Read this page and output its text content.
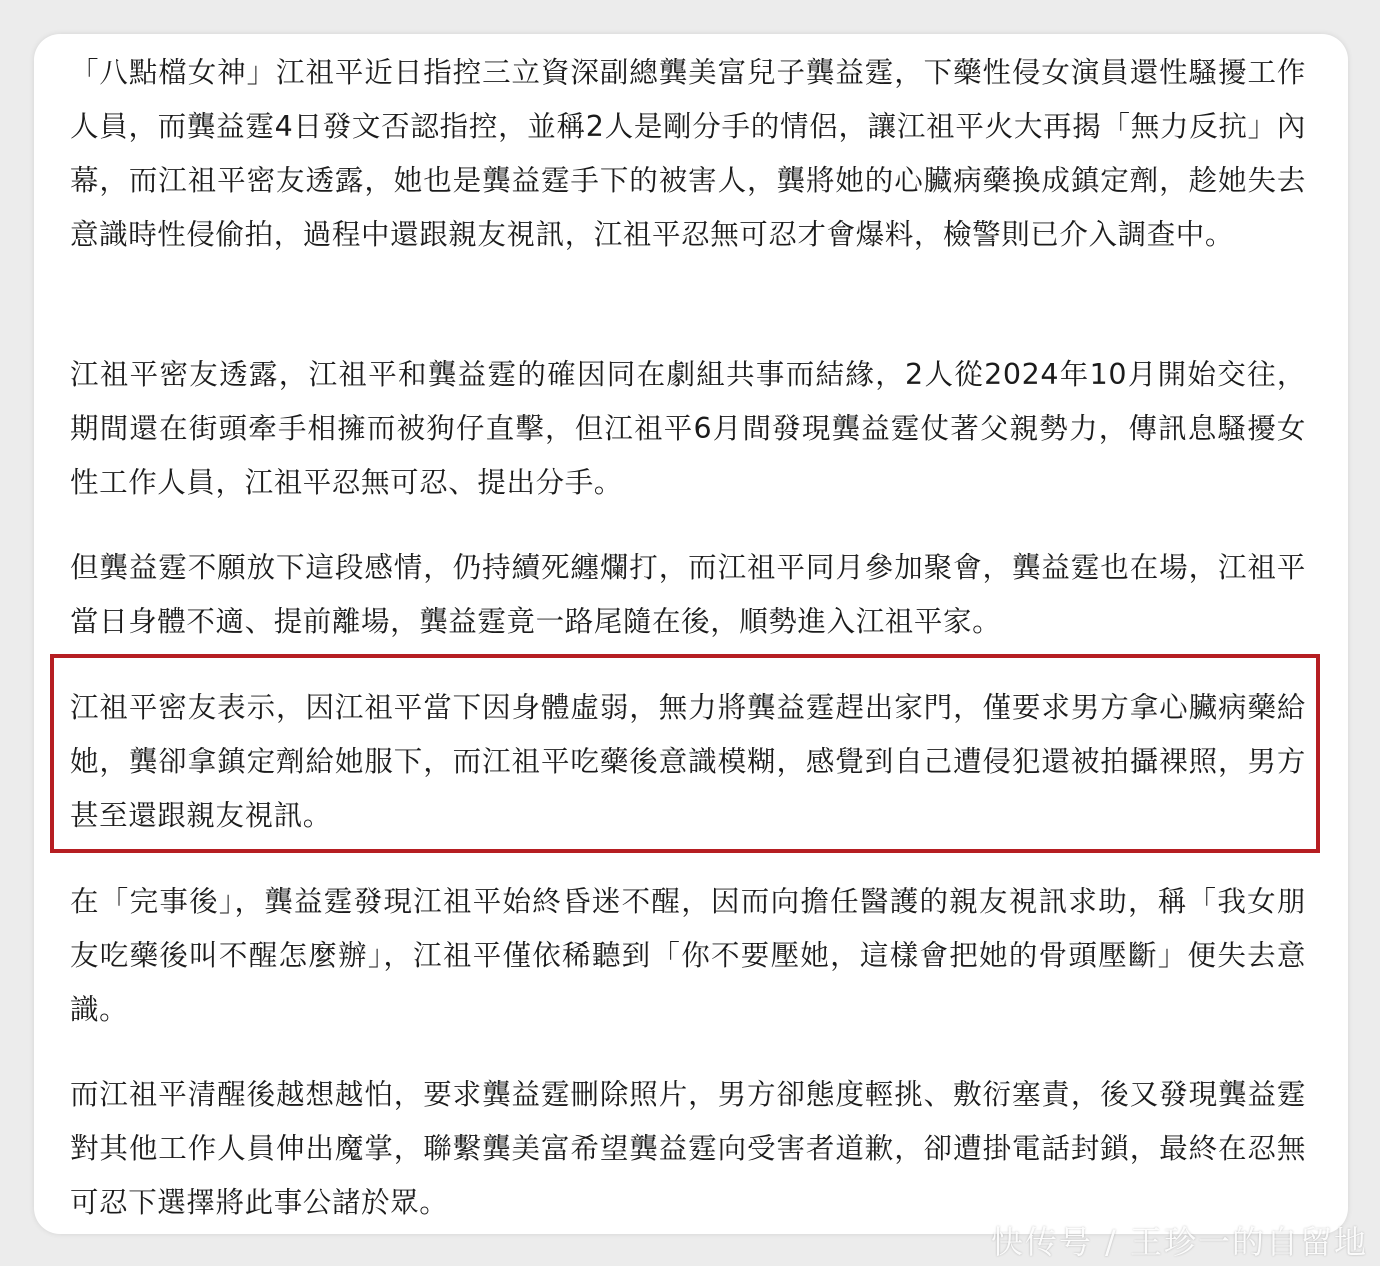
「八點檔女神」江祖平近日指控三立資深副總龔美富兒子龔益霆，下藥性侵女演員還性騷擾工作人員，而龔益霆4日發文否認指控，並稱2人是剛分手的情侶，讓江祖平火大再揭「無力反抗」內幕，而江祖平密友透露，她也是龔益霆手下的被害人，龔將她的心臟病藥換成鎮定劑，趁她失去意識時性侵偷拍，過程中還跟親友視訊，江祖平忍無可忍才會爆料，檢警則已介入調查中。

江祖平密友透露，江祖平和龔益霆的確因同在劇組共事而結緣，2人從2024年10月開始交往，期間還在街頭牽手相擁而被狗仔直擊，但江祖平6月間發現龔益霆仗著父親勢力，傳訊息騷擾女性工作人員，江祖平忍無可忍、提出分手。

但龔益霆不願放下這段感情，仍持續死纏爛打，而江祖平同月參加聚會，龔益霆也在場，江祖平當日身體不適、提前離場，龔益霆竟一路尾隨在後，順勢進入江祖平家。

江祖平密友表示，因江祖平當下因身體虛弱，無力將龔益霆趕出家門，僅要求男方拿心臟病藥給她，龔卻拿鎮定劑給她服下，而江祖平吃藥後意識模糊，感覺到自己遭侵犯還被拍攝裸照，男方甚至還跟親友視訊。

在「完事後」，龔益霆發現江祖平始終昏迷不醒，因而向擔任醫護的親友視訊求助，稱「我女朋友吃藥後叫不醒怎麼辦」，江祖平僅依稀聽到「你不要壓她，這樣會把她的骨頭壓斷」便失去意識。

而江祖平清醒後越想越怕，要求龔益霆刪除照片，男方卻態度輕挑、敷衍塞責，後又發現龔益霆對其他工作人員伸出魔掌，聯繫龔美富希望龔益霆向受害者道歉，卻遭掛電話封鎖，最終在忍無可忍下選擇將此事公諸於眾。

快传号 / 王珍一的自留地
